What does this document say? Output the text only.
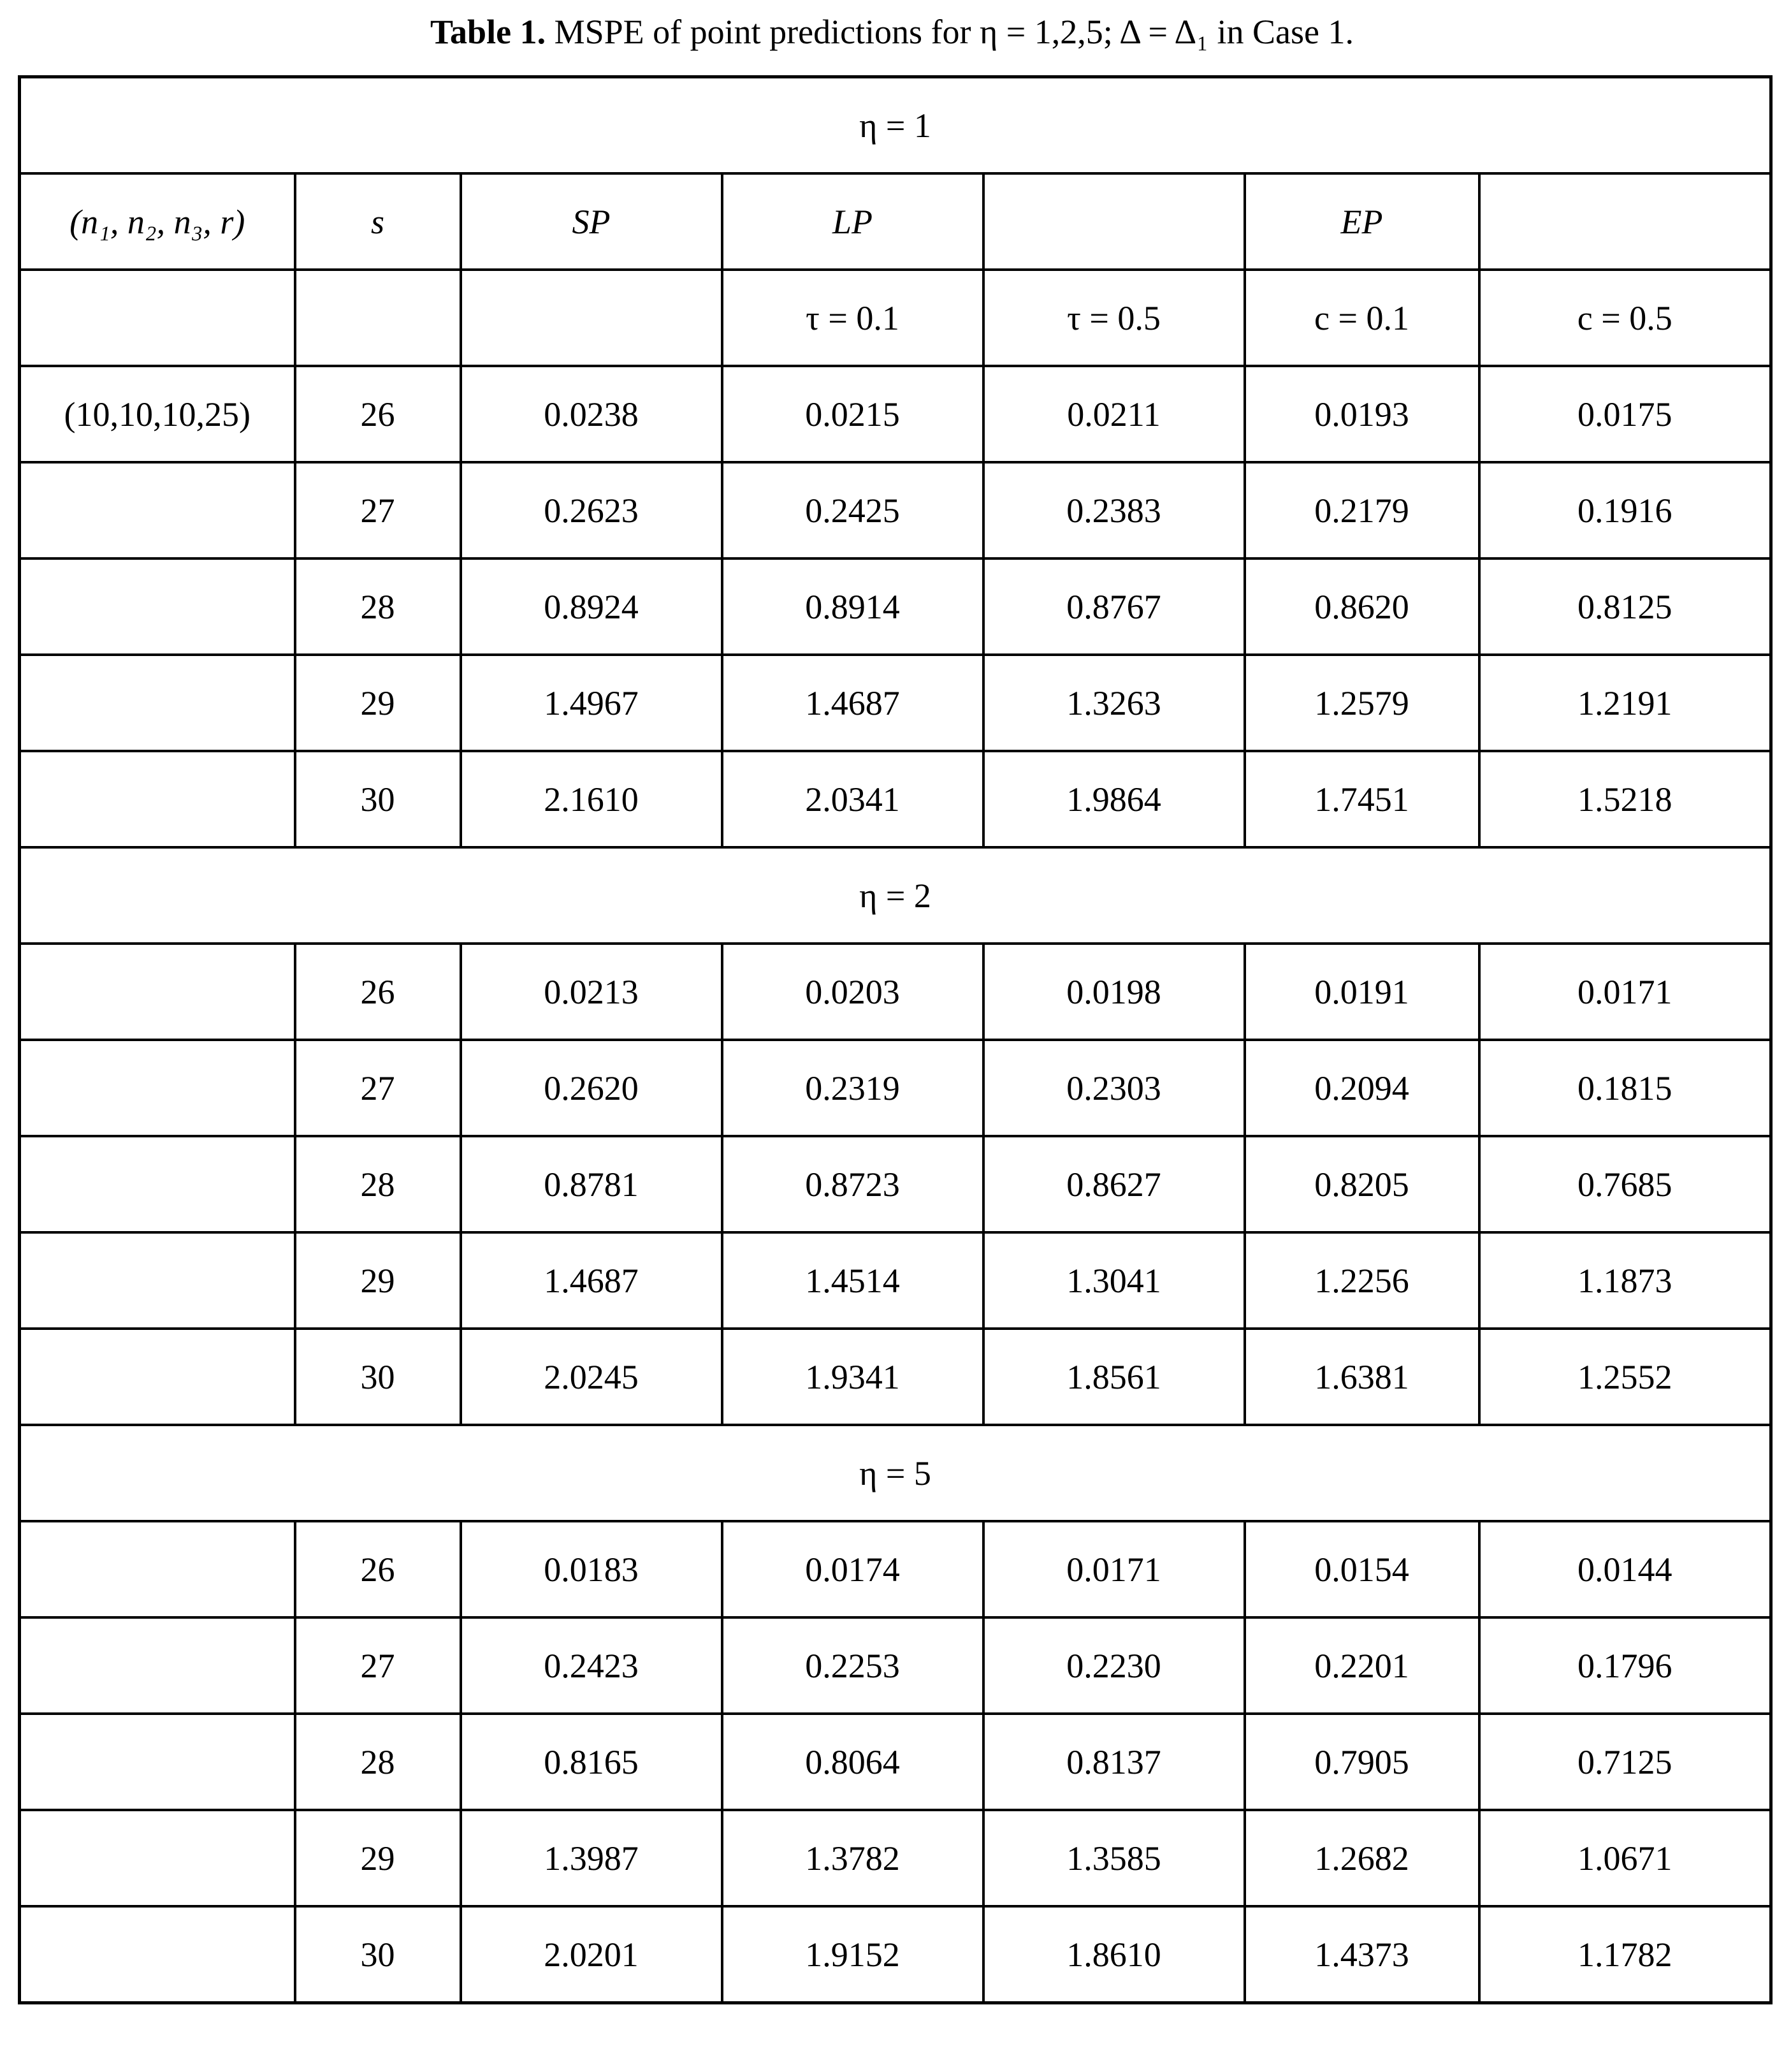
Table 1. MSPE of point predictions for η = 1,2,5; Δ = Δ₁ in Case 1.
η = 1						
(n₁, n₂, n₃, r)	s	SP	LP		EP	
			τ = 0.1	τ = 0.5	c = 0.1	c = 0.5
(10,10,10,25)	26	0.0238	0.0215	0.0211	0.0193	0.0175
	27	0.2623	0.2425	0.2383	0.2179	0.1916
	28	0.8924	0.8914	0.8767	0.8620	0.8125
	29	1.4967	1.4687	1.3263	1.2579	1.2191
	30	2.1610	2.0341	1.9864	1.7451	1.5218
η = 2						
	26	0.0213	0.0203	0.0198	0.0191	0.0171
	27	0.2620	0.2319	0.2303	0.2094	0.1815
	28	0.8781	0.8723	0.8627	0.8205	0.7685
	29	1.4687	1.4514	1.3041	1.2256	1.1873
	30	2.0245	1.9341	1.8561	1.6381	1.2552
η = 5						
	26	0.0183	0.0174	0.0171	0.0154	0.0144
	27	0.2423	0.2253	0.2230	0.2201	0.1796
	28	0.8165	0.8064	0.8137	0.7905	0.7125
	29	1.3987	1.3782	1.3585	1.2682	1.0671
	30	2.0201	1.9152	1.8610	1.4373	1.1782
